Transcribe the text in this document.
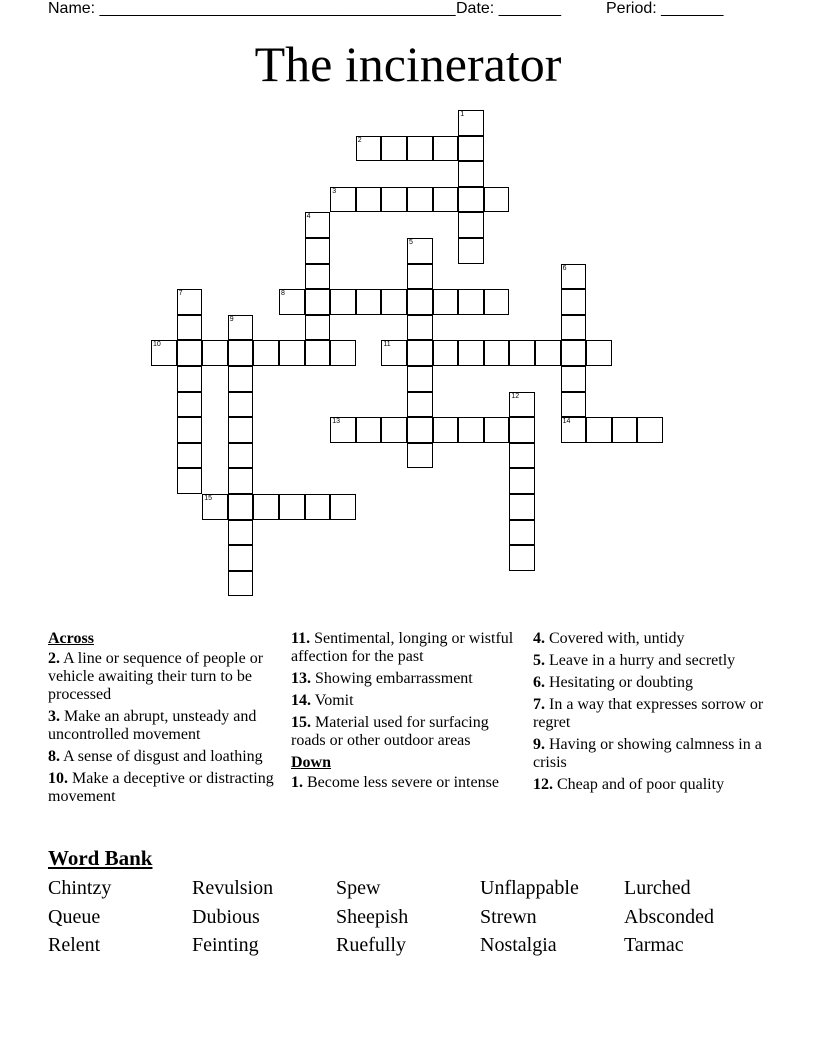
Name: ________________________________________ Date: _______	Period: _______
The incinerator
1
2
3
4
5
6
14
7	8
9
10	11
12
13
15
Across
2. A line or sequence of people or vehicle awaiting their turn to be processed
3. Make an abrupt, unsteady and uncontrolled movement
8. A sense of disgust and loathing
10. Make a deceptive or distracting movement
11. Sentimental, longing or wistful affection for the past
13. Showing embarrassment
14. Vomit
15. Material used for surfacing roads or other outdoor areas
Down
1. Become less severe or intense
4. Covered with, untidy
5. Leave in a hurry and secretly
6. Hesitating or doubting
7. In a way that expresses sorrow or regret
9. Having or showing calmness in a crisis
12. Cheap and of poor quality
Word Bank
Chintzy	Revulsion	Spew	Unflappable	Lurched
Queue	Dubious	Sheepish	Strewn	Absconded
Relent	Feinting	Ruefully	Nostalgia	Tarmac
